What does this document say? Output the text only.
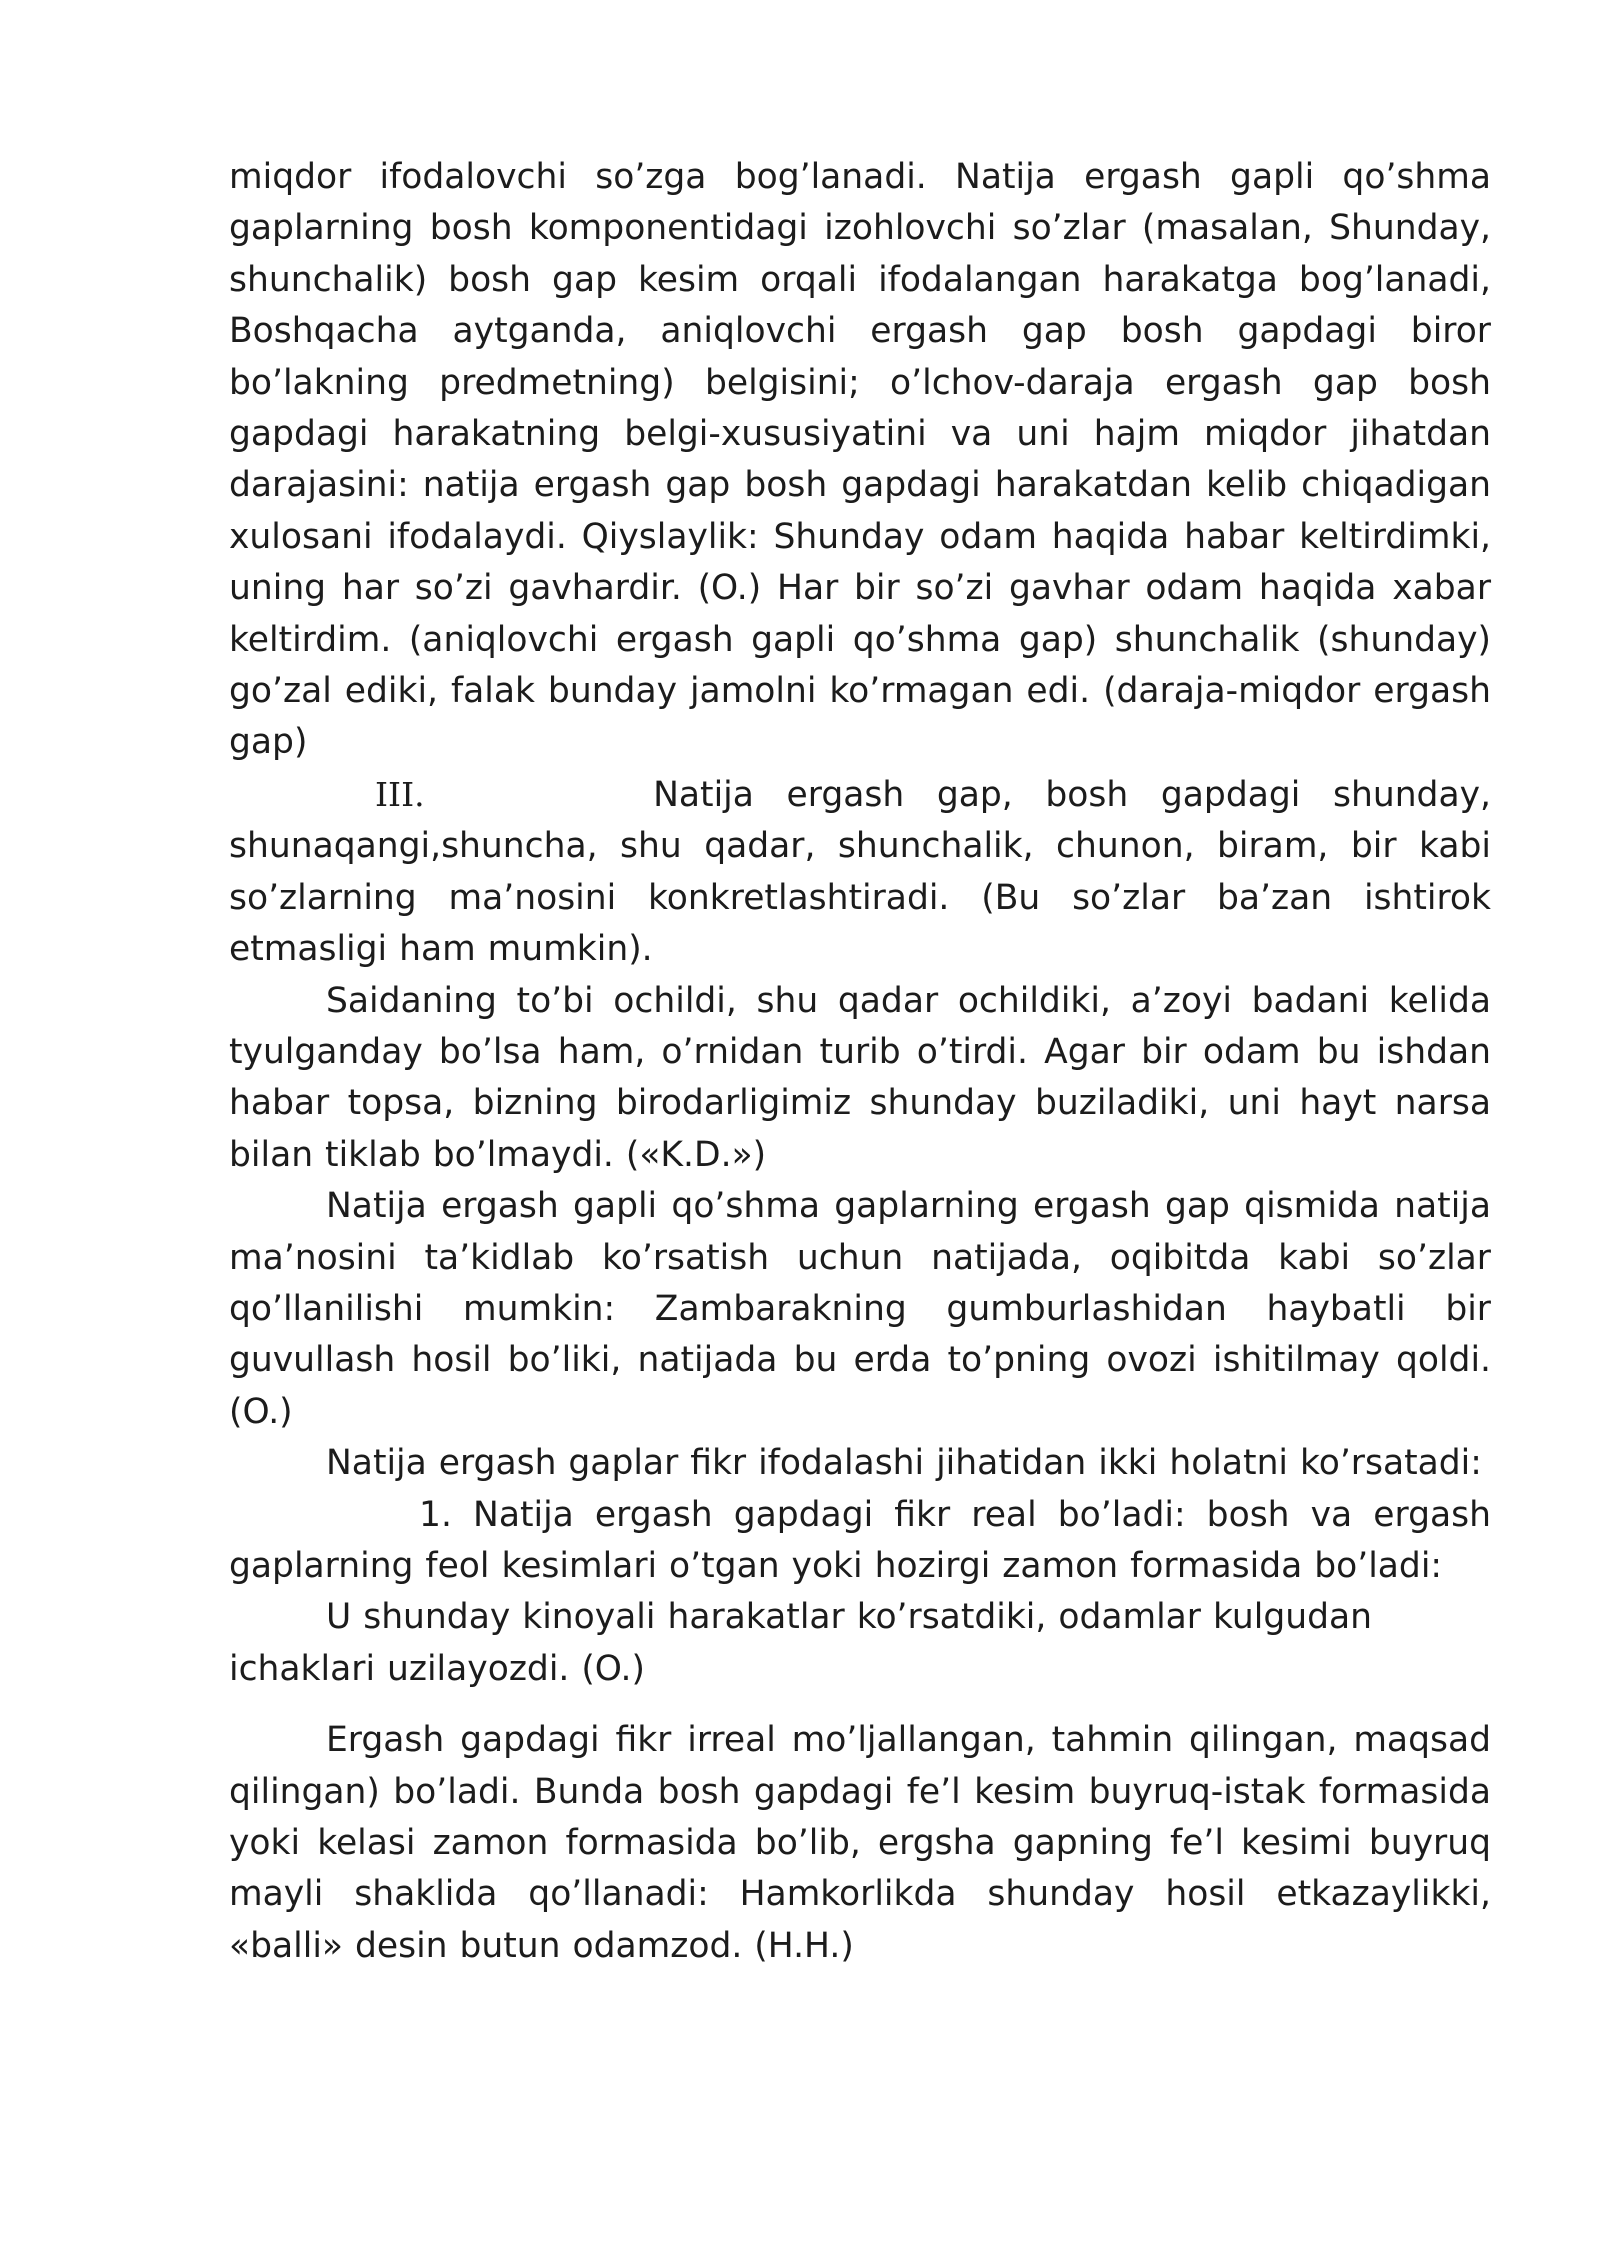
miqdor ifodalovchi so’zga bog’lanadi. Natija ergash gapli qo’shma gaplarning bosh komponentidagi izohlovchi so’zlar (masalan, Shunday, shunchalik) bosh gap kesim orqali ifodalangan harakatga bog’lanadi, Boshqacha aytganda, aniqlovchi ergash gap bosh gapdagi biror bo’lakning predmetning) belgisini; o’lchov-daraja ergash gap bosh gapdagi harakatning belgi-xususiyatini va uni hajm miqdor jihatdan darajasini: natija ergash gap bosh gapdagi harakatdan kelib chiqadigan xulosani ifodalaydi. Qiyslaylik: Shunday odam haqida habar keltirdimki, uning har so’zi gavhardir. (O.) Har bir so’zi gavhar odam haqida xabar keltirdim. (aniqlovchi ergash gapli qo’shma gap) shunchalik (shunday) go’zal ediki, falak bunday jamolni ko’rmagan edi. (daraja-miqdor ergash gap)

III.	Natija ergash gap, bosh gapdagi shunday, shunaqangi,shuncha, shu qadar, shunchalik, chunon, biram, bir kabi so’zlarning ma’nosini konkretlashtiradi. (Bu so’zlar ba’zan ishtirok etmasligi ham mumkin).

Saidaning to’bi ochildi, shu qadar ochildiki, a’zoyi badani kelida tyulganday bo’lsa ham, o’rnidan turib o’tirdi. Agar bir odam bu ishdan habar topsa, bizning birodarligimiz shunday buziladiki, uni hayt narsa bilan tiklab bo’lmaydi. («K.D.»)

Natija ergash gapli qo’shma gaplarning ergash gap qismida natija ma’nosini ta’kidlab ko’rsatish uchun natijada, oqibitda kabi so’zlar qo’llanilishi mumkin: Zambarakning gumburlashidan haybatli bir guvullash hosil bo’liki, natijada bu erda to’pning ovozi ishitilmay qoldi. (O.)

Natija ergash gaplar fikr ifodalashi jihatidan ikki holatni ko’rsatadi:

1. Natija ergash gapdagi fikr real bo’ladi: bosh va ergash gaplarning feol kesimlari o’tgan yoki hozirgi zamon formasida bo’ladi:

U shunday kinoyali harakatlar ko’rsatdiki, odamlar kulgudan

ichaklari uzilayozdi. (O.)

Ergash gapdagi fikr irreal mo’ljallangan, tahmin qilingan, maqsad qilingan) bo’ladi. Bunda bosh gapdagi fe’l kesim buyruq-istak formasida yoki kelasi zamon formasida bo’lib, ergsha gapning fe’l kesimi buyruq mayli shaklida qo’llanadi: Hamkorlikda shunday hosil etkazaylikki, «balli» desin butun odamzod. (H.H.)
